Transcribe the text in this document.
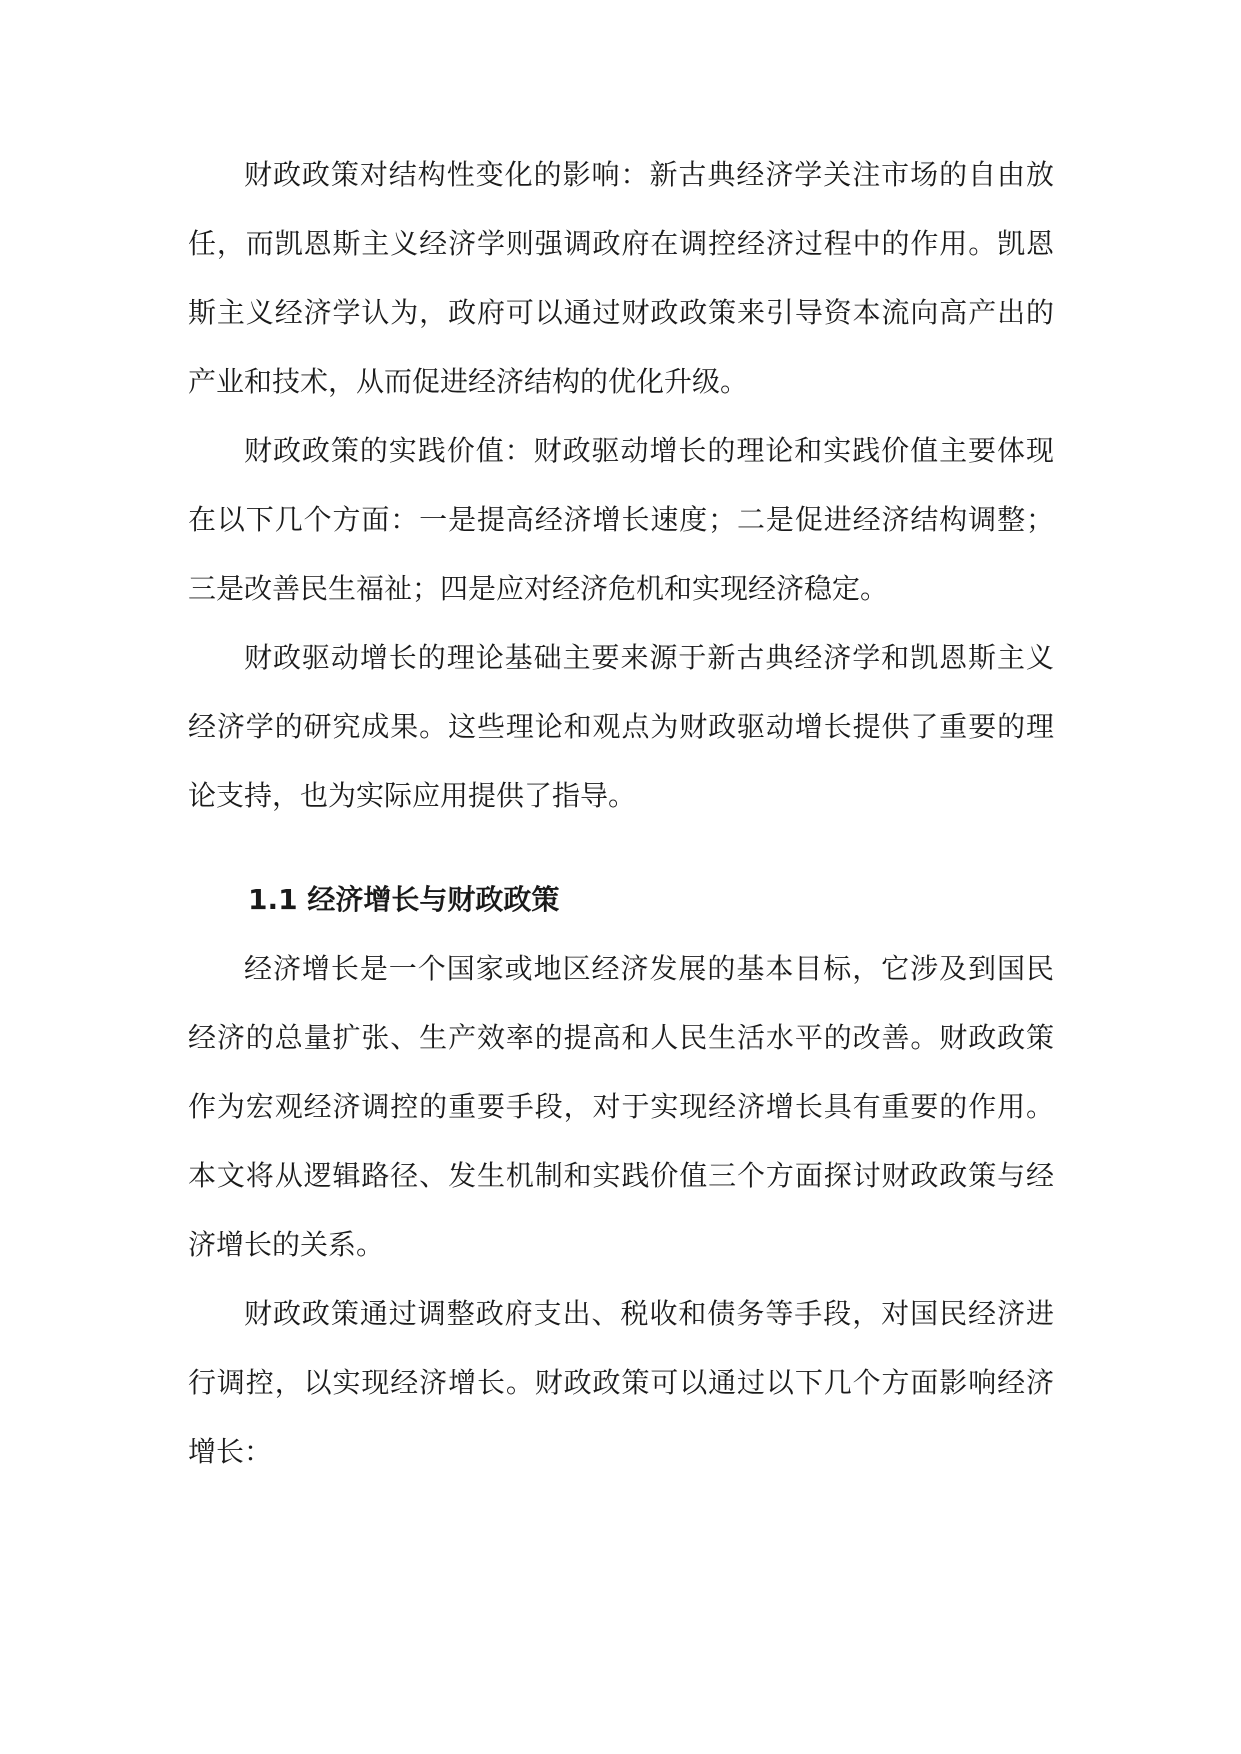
财政政策对结构性变化的影响：新古典经济学关注市场的自由放任，而凯恩斯主义经济学则强调政府在调控经济过程中的作用。凯恩斯主义经济学认为，政府可以通过财政政策来引导资本流向高产出的产业和技术，从而促进经济结构的优化升级。

财政政策的实践价值：财政驱动增长的理论和实践价值主要体现在以下几个方面：一是提高经济增长速度；二是促进经济结构调整；三是改善民生福祉；四是应对经济危机和实现经济稳定。

财政驱动增长的理论基础主要来源于新古典经济学和凯恩斯主义经济学的研究成果。这些理论和观点为财政驱动增长提供了重要的理论支持，也为实际应用提供了指导。

1.1 经济增长与财政政策

经济增长是一个国家或地区经济发展的基本目标，它涉及到国民经济的总量扩张、生产效率的提高和人民生活水平的改善。财政政策作为宏观经济调控的重要手段，对于实现经济增长具有重要的作用。本文将从逻辑路径、发生机制和实践价值三个方面探讨财政政策与经济增长的关系。

财政政策通过调整政府支出、税收和债务等手段，对国民经济进行调控，以实现经济增长。财政政策可以通过以下几个方面影响经济增长：
